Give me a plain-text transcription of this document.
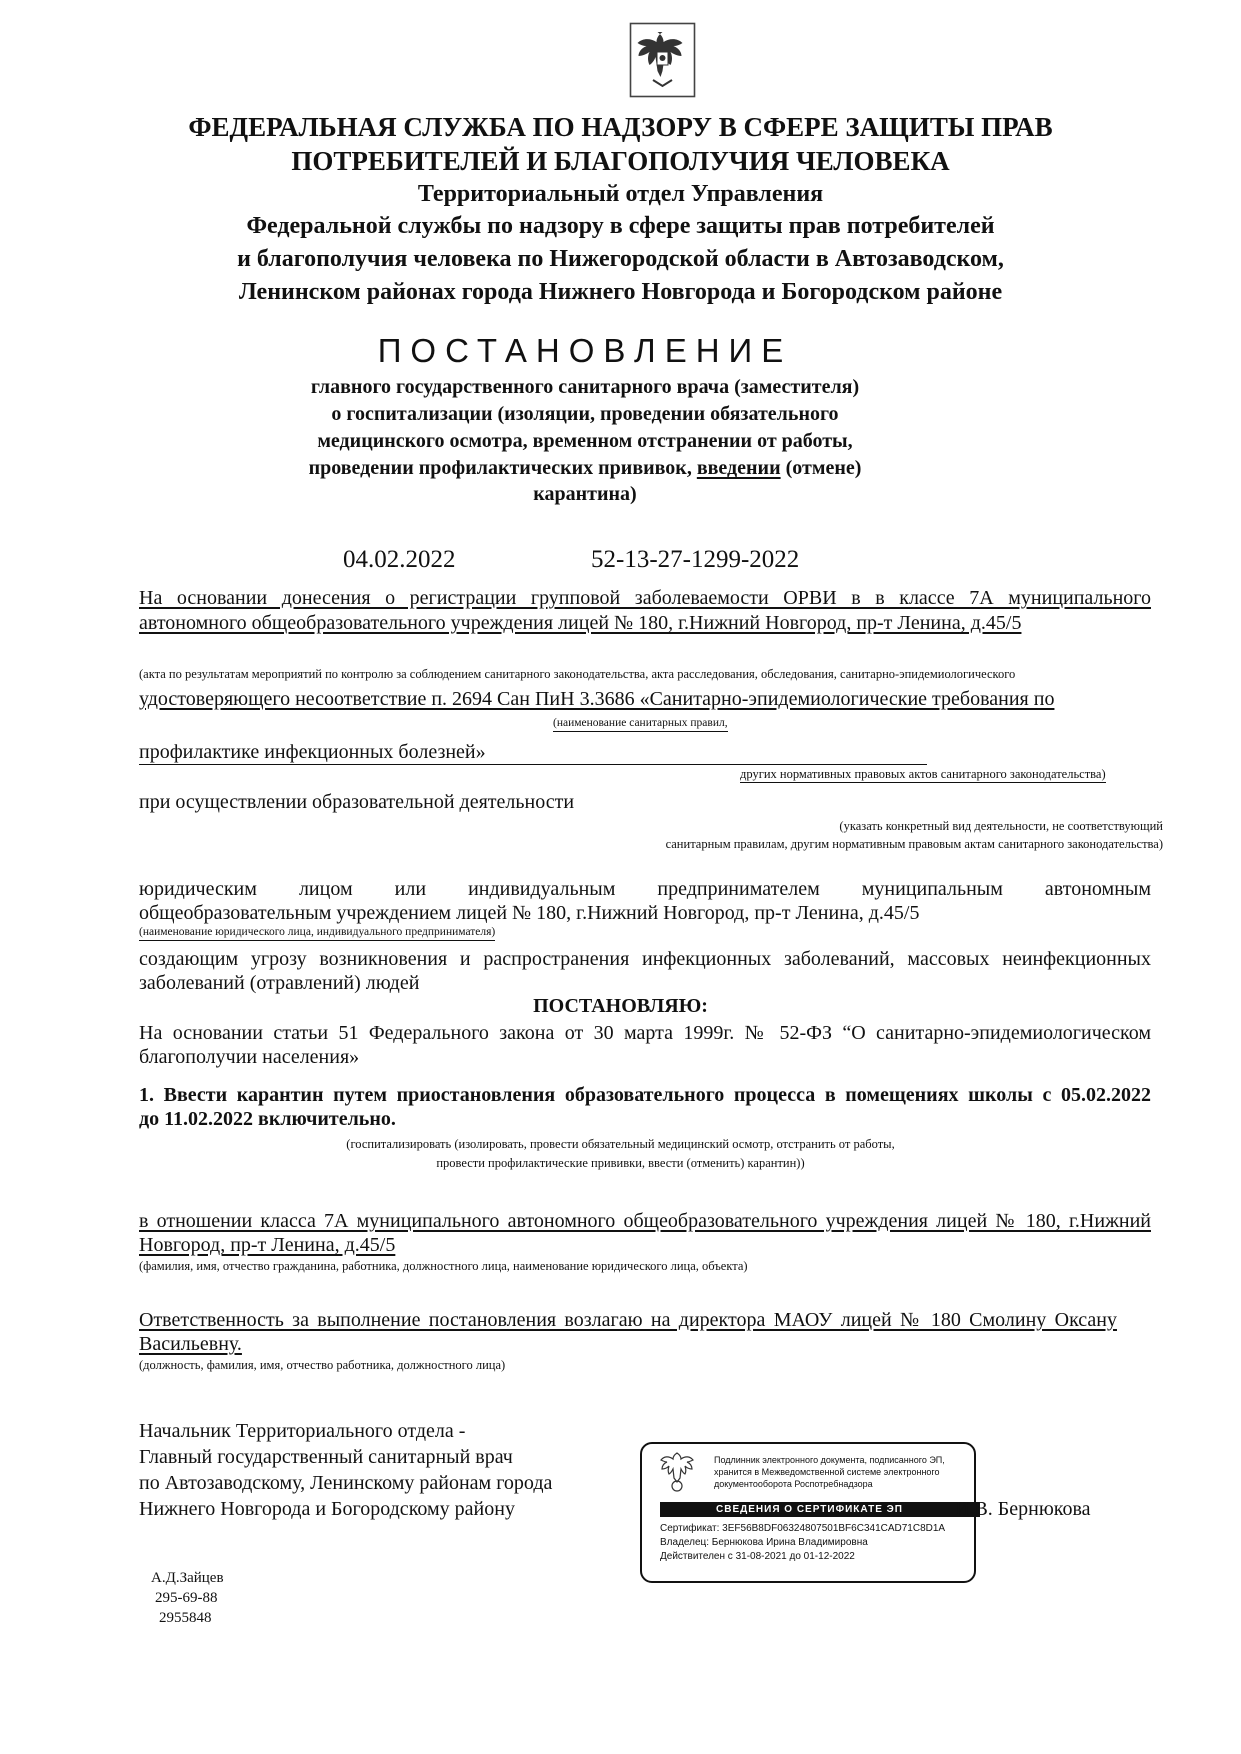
ФЕДЕРАЛЬНАЯ СЛУЖБА ПО НАДЗОРУ В СФЕРЕ ЗАЩИТЫ ПРАВ
ПОТРЕБИТЕЛЕЙ И БЛАГОПОЛУЧИЯ ЧЕЛОВЕКА
Территориальный отдел Управления
Федеральной службы по надзору в сфере защиты прав потребителей
и благополучия человека по Нижегородской области в Автозаводском,
Ленинском районах города Нижнего Новгорода и Богородском районе
ПОСТАНОВЛЕНИЕ
главного государственного санитарного врача (заместителя)
о госпитализации (изоляции, проведении обязательного
медицинского осмотра, временном отстранении от работы,
проведении профилактических прививок, введении (отмене)
карантина)
04.02.2022	52-13-27-1299-2022
На основании донесения о регистрации групповой заболеваемости ОРВИ в в классе 7А муниципального
автономного общеобразовательного учреждения лицей № 180, г.Нижний Новгород, пр-т Ленина, д.45/5
(акта по результатам мероприятий по контролю за соблюдением санитарного законодательства, акта расследования, обследования, санитарно-эпидемиологического
удостоверяющего несоответствие п. 2694 Сан ПиН 3.3686 «Санитарно-эпидемиологические требования по
(наименование санитарных правил,
профилактике инфекционных болезней»
других нормативных правовых актов санитарного законодательства)
при осуществлении образовательной деятельности
(указать конкретный вид деятельности, не соответствующий
санитарным правилам, другим нормативным правовым актам санитарного законодательства)
юридическим лицом или индивидуальным предпринимателем муниципальным автономным
общеобразовательным учреждением лицей № 180, г.Нижний Новгород, пр-т Ленина, д.45/5
(наименование юридического лица, индивидуального предпринимателя)
создающим угрозу возникновения и распространения инфекционных заболеваний, массовых неинфекционных
заболеваний (отравлений) людей
ПОСТАНОВЛЯЮ:
На основании статьи 51 Федерального закона от 30 марта 1999г. № 52-ФЗ “О санитарно-эпидемиологическом
благополучии населения»
1. Ввести карантин путем приостановления образовательного процесса в помещениях школы с 05.02.2022
до 11.02.2022 включительно.
(госпитализировать (изолировать, провести обязательный медицинский осмотр, отстранить от работы,
провести профилактические прививки, ввести (отменить) карантин))
в отношении класса 7А муниципального автономного общеобразовательного учреждения лицей № 180, г.Нижний
Новгород, пр-т Ленина, д.45/5
(фамилия, имя, отчество гражданина, работника, должностного лица, наименование юридического лица, объекта)
Ответственность за выполнение постановления возлагаю на директора МАОУ лицей № 180 Смолину Оксану
Васильевну.
(должность, фамилия, имя, отчество работника, должностного лица)
Начальник Территориального отдела -
Главный государственный санитарный врач
по Автозаводскому, Ленинскому районам города
Нижнего Новгорода и Богородскому району
Подлинник электронного документа, подписанного ЭП,
хранится в Межведомственной системе электронного
документооборота Роспотребнадзора
СВЕДЕНИЯ О СЕРТИФИКАТЕ ЭП
Сертификат: 3EF56B8DF06324807501BF6C341CAD71C8D1A
Владелец: Бернюкова Ирина Владимировна
Действителен с 31-08-2021 до 01-12-2022
И.В. Бернюкова
А.Д.Зайцев
295-69-88
2955848
